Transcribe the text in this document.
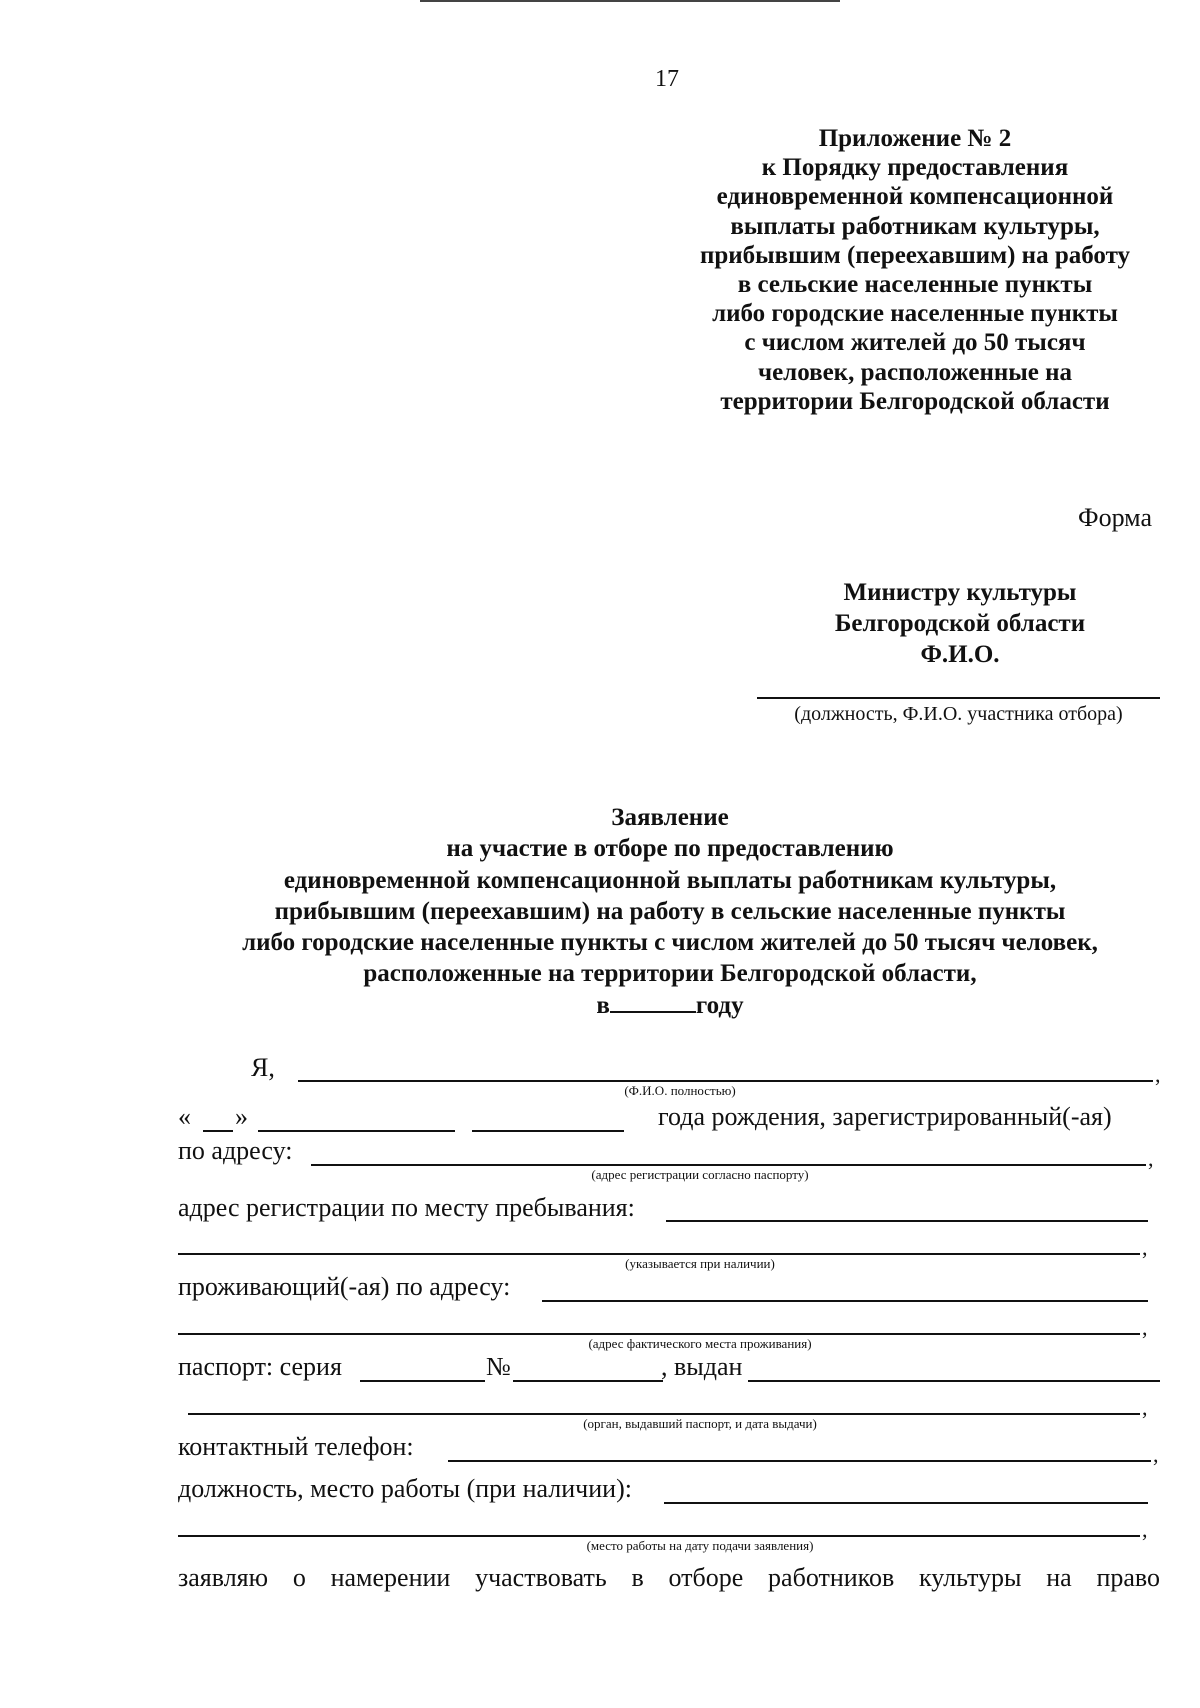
17
Приложение № 2
к Порядку предоставления
единовременной компенсационной
выплаты работникам культуры,
прибывшим (переехавшим) на работу
в сельские населенные пункты
либо городские населенные пункты
с числом жителей до 50 тысяч
человек, расположенные на
территории Белгородской области
Форма
Министру культуры
Белгородской области
Ф.И.О.
(должность, Ф.И.О. участника отбора)
Заявление
на участие в отборе по предоставлению
единовременной компенсационной выплаты работникам культуры,
прибывшим (переехавшим) на работу в сельские населенные пункты
либо городские населенные пункты с числом жителей до 50 тысяч человек,
расположенные на территории Белгородской области,
в	году
Я,	,
(Ф.И.О. полностью)
« »	года рождения, зарегистрированный(-ая)
по адресу:	,
(адрес регистрации согласно паспорту)
адрес регистрации по месту пребывания:
,
(указывается при наличии)
проживающий(-ая) по адресу:
,
(адрес фактического места проживания)
паспорт: серия	№	, выдан
,
(орган, выдавший паспорт, и дата выдачи)
контактный телефон:	,
должность, место работы (при наличии):
,
(место работы на дату подачи заявления)
заявляю о намерении участвовать в отборе работников культуры на право
